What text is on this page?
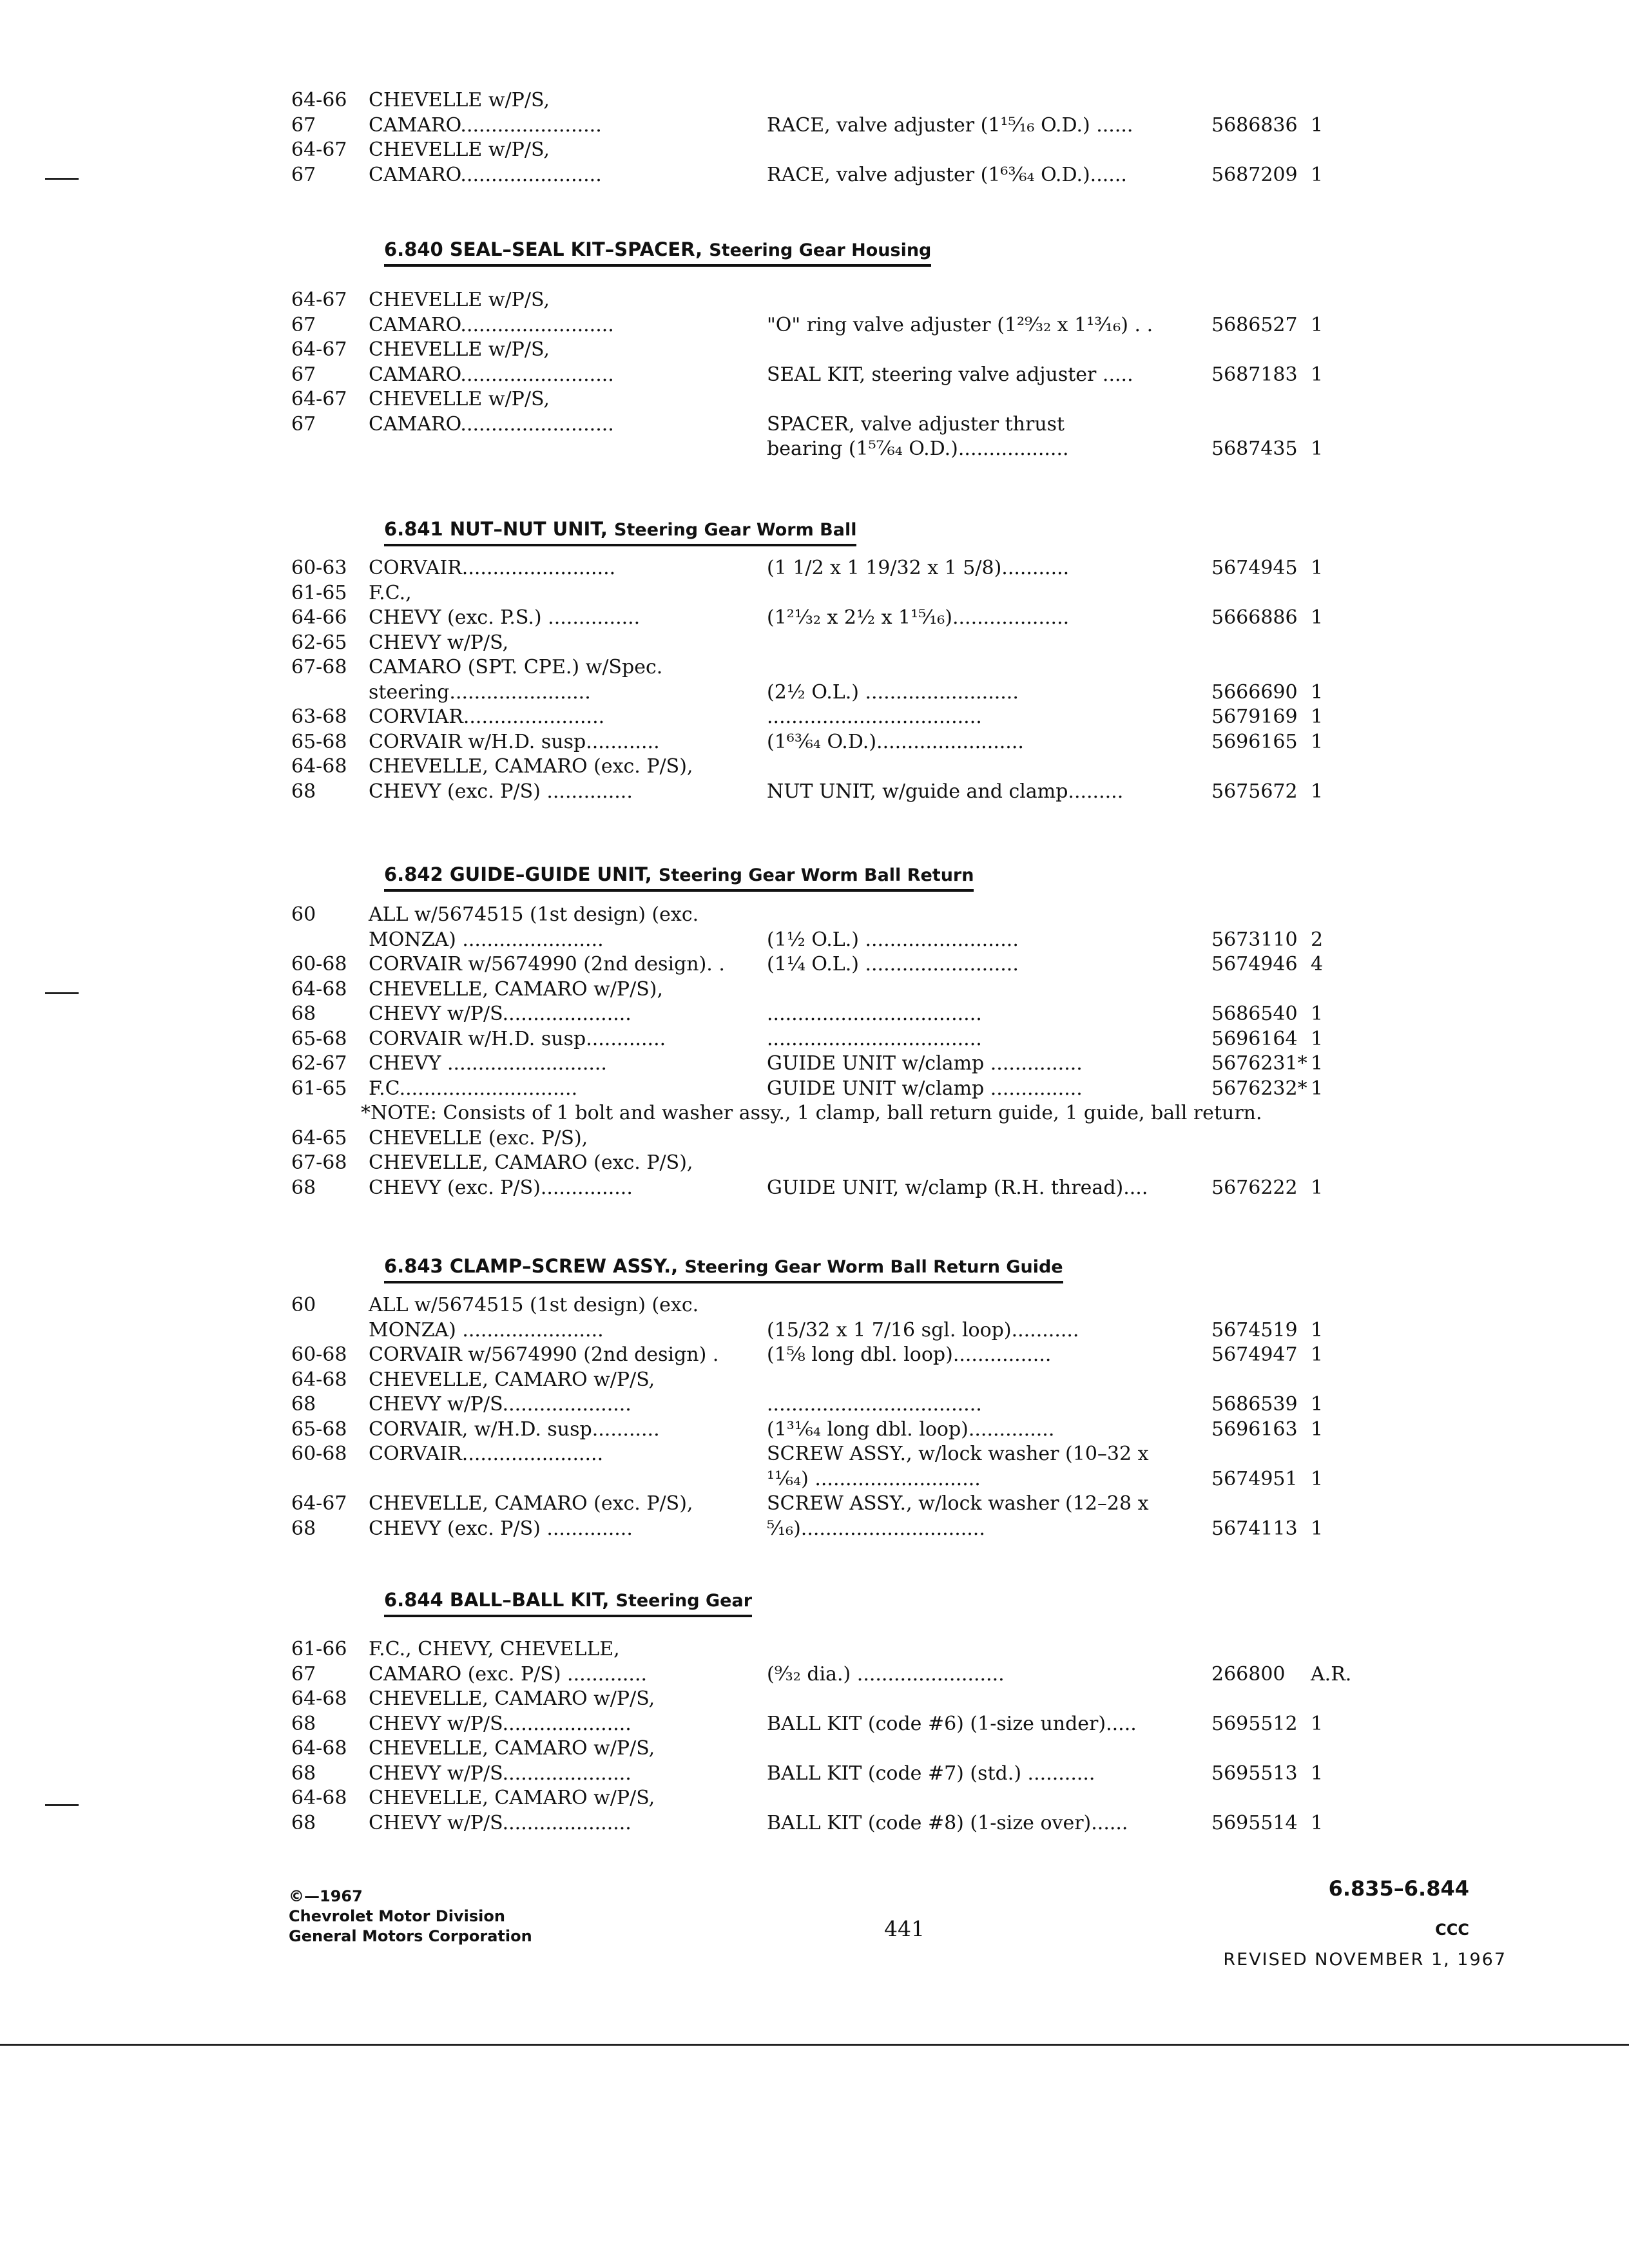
64-66 CHEVELLE w/P/S,
67	CAMARO.......................	RACE, valve adjuster (1¹⁵⁄₁₆ O.D.) ......	5686836 1
64-67 CHEVELLE w/P/S,
67	CAMARO.......................	RACE, valve adjuster (1⁶³⁄₆₄ O.D.)......	5687209 1
6.840 SEAL–SEAL KIT–SPACER, Steering Gear Housing
64-67 CHEVELLE w/P/S,
67	CAMARO.........................	"O" ring valve adjuster (1²⁹⁄₃₂ x 1¹³⁄₁₆) . .	5686527 1
64-67 CHEVELLE w/P/S,
67	CAMARO.........................	SEAL KIT, steering valve adjuster .....	5687183 1
64-67 CHEVELLE w/P/S,
67	CAMARO.........................	SPACER, valve adjuster thrust
bearing (1⁵⁷⁄₆₄ O.D.)..................	5687435 1
6.841 NUT–NUT UNIT, Steering Gear Worm Ball
60-63 CORVAIR.........................	(1 1/2 x 1 19/32 x 1 5/8)...........	5674945 1
61-65 F.C.,
64-66 CHEVY (exc. P.S.) ...............	(1²¹⁄₃₂ x 2½ x 1¹⁵⁄₁₆)...................	5666886 1
62-65 CHEVY w/P/S,
67-68 CAMARO (SPT. CPE.) w/Spec.
steering.......................	(2½ O.L.) .........................	5666690 1
63-68 CORVIAR.......................	...................................	5679169 1
65-68 CORVAIR w/H.D. susp............	(1⁶³⁄₆₄ O.D.)........................	5696165 1
64-68 CHEVELLE, CAMARO (exc. P/S),
68	CHEVY (exc. P/S) ..............	NUT UNIT, w/guide and clamp.........	5675672 1
6.842 GUIDE–GUIDE UNIT, Steering Gear Worm Ball Return
60	ALL w/5674515 (1st design) (exc.
MONZA) .......................	(1½ O.L.) .........................	5673110 2
60-68 CORVAIR w/5674990 (2nd design). . (1¼ O.L.) .........................	5674946 4
64-68 CHEVELLE, CAMARO w/P/S),
68	CHEVY w/P/S.....................	...................................	5686540 1
65-68 CORVAIR w/H.D. susp.............	...................................	5696164 1
62-67 CHEVY ..........................	GUIDE UNIT w/clamp ...............	5676231* 1
61-65 F.C.............................	GUIDE UNIT w/clamp ...............	5676232* 1
*NOTE: Consists of 1 bolt and washer assy., 1 clamp, ball return guide, 1 guide, ball return.
64-65 CHEVELLE (exc. P/S),
67-68 CHEVELLE, CAMARO (exc. P/S),
68	CHEVY (exc. P/S)...............	GUIDE UNIT, w/clamp (R.H. thread)....	5676222 1
6.843 CLAMP–SCREW ASSY., Steering Gear Worm Ball Return Guide
60	ALL w/5674515 (1st design) (exc.
MONZA) .......................	(15/32 x 1 7/16 sgl. loop)...........	5674519 1
60-68 CORVAIR w/5674990 (2nd design) . (1⅝ long dbl. loop)................	5674947 1
64-68 CHEVELLE, CAMARO w/P/S,
68	CHEVY w/P/S.....................	...................................	5686539 1
65-68 CORVAIR, w/H.D. susp...........	(1³¹⁄₆₄ long dbl. loop)..............	5696163 1
60-68 CORVAIR.......................	SCREW ASSY., w/lock washer (10–32 x
¹¹⁄₆₄) ...........................	5674951 1
64-67 CHEVELLE, CAMARO (exc. P/S),	SCREW ASSY., w/lock washer (12–28 x
68	CHEVY (exc. P/S) ..............	⁵⁄₁₆)..............................	5674113 1
6.844 BALL–BALL KIT, Steering Gear
61-66 F.C., CHEVY, CHEVELLE,
67	CAMARO (exc. P/S) .............	(⁹⁄₃₂ dia.) ........................	266800 A.R.
64-68 CHEVELLE, CAMARO w/P/S,
68	CHEVY w/P/S.....................	BALL KIT (code #6) (1-size under).....	5695512 1
64-68 CHEVELLE, CAMARO w/P/S,
68	CHEVY w/P/S.....................	BALL KIT (code #7) (std.) ...........	5695513 1
64-68 CHEVELLE, CAMARO w/P/S,
68	CHEVY w/P/S.....................	BALL KIT (code #8) (1-size over)......	5695514 1
©—1967
Chevrolet Motor Division
General Motors Corporation	441
6.835–6.844
CCC
REVISED NOVEMBER 1, 1967
